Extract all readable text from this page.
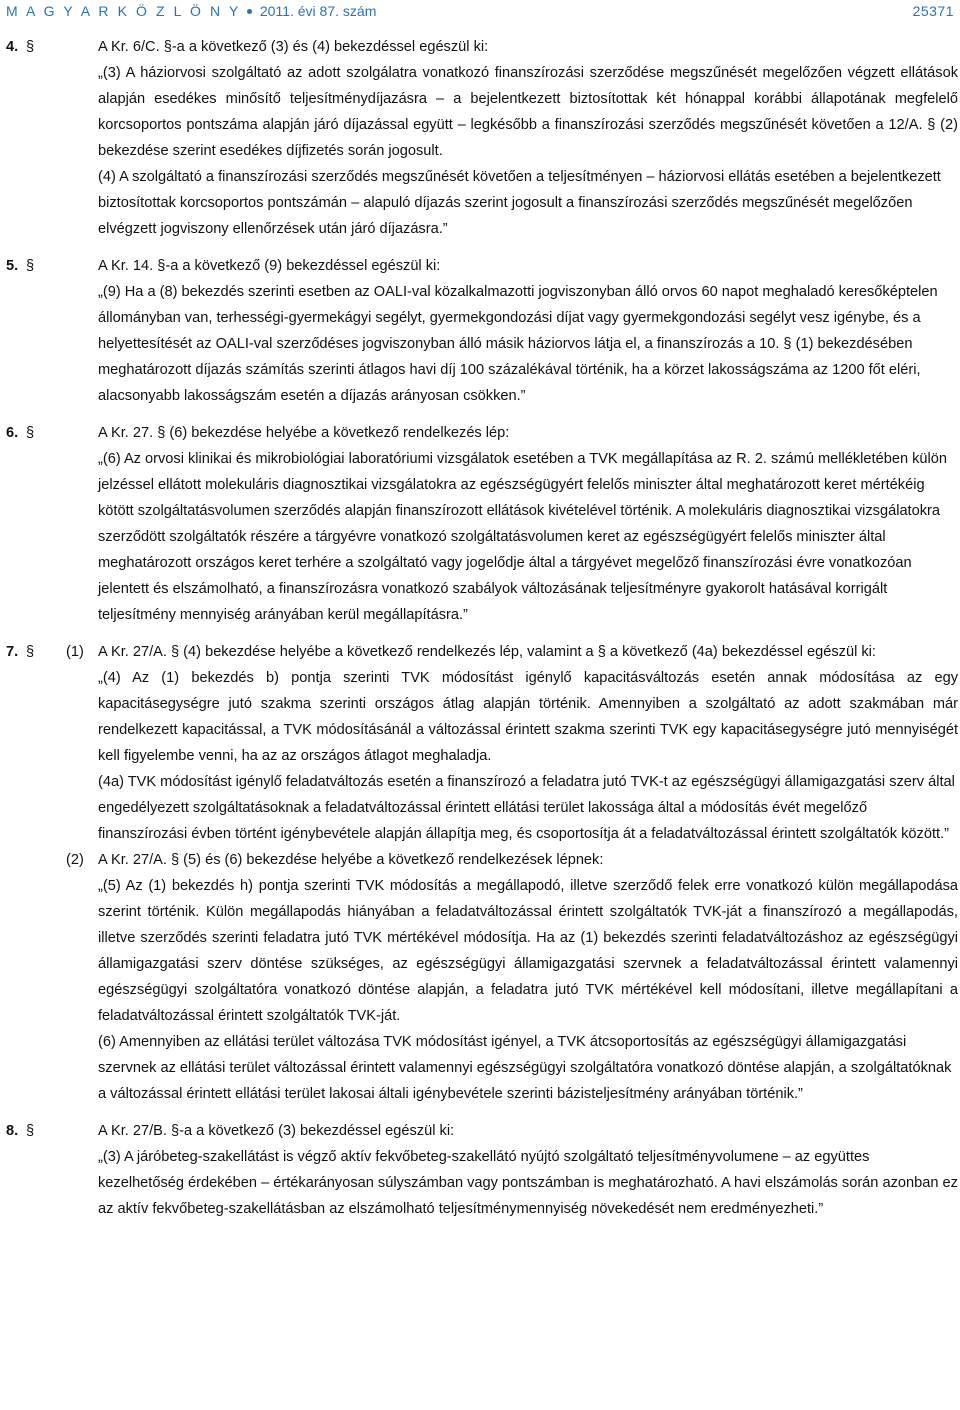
M A G Y A R K Ö Z L Ö N Y 2011. évi 87. szám	25371
4. §	A Kr. 6/C. §-a a következő (3) és (4) bekezdéssel egészül ki:

„(3) A háziorvosi szolgáltató az adott szolgálatra vonatkozó finanszírozási szerződése megszűnését megelőzően végzett ellátások alapján esedékes minősítő teljesítménydíjazásra – a bejelentkezett biztosítottak két hónappal korábbi állapotának megfelelő korcsoportos pontszáma alapján járó díjazással együtt – legkésőbb a finanszírozási szerződés megszűnését követően a 12/A. § (2) bekezdése szerint esedékes díjfizetés során jogosult.

(4) A szolgáltató a finanszírozási szerződés megszűnését követően a teljesítményen – háziorvosi ellátás esetében a bejelentkezett biztosítottak korcsoportos pontszámán – alapuló díjazás szerint jogosult a finanszírozási szerződés megszűnését megelőzően elvégzett jogviszony ellenőrzések után járó díjazásra.”

5. §	A Kr. 14. §-a a következő (9) bekezdéssel egészül ki:

„(9) Ha a (8) bekezdés szerinti esetben az OALI-val közalkalmazotti jogviszonyban álló orvos 60 napot meghaladó keresőképtelen állományban van, terhességi-gyermekágyi segélyt, gyermekgondozási díjat vagy gyermekgondozási segélyt vesz igénybe, és a helyettesítését az OALI-val szerződéses jogviszonyban álló másik háziorvos látja el, a finanszírozás a 10. § (1) bekezdésében meghatározott díjazás számítás szerinti átlagos havi díj 100 százalékával történik, ha a körzet lakosságszáma az 1200 főt eléri, alacsonyabb lakosságszám esetén a díjazás arányosan csökken.”

6. §	A Kr. 27. § (6) bekezdése helyébe a következő rendelkezés lép:

„(6) Az orvosi klinikai és mikrobiológiai laboratóriumi vizsgálatok esetében a TVK megállapítása az R. 2. számú mellékletében külön jelzéssel ellátott molekuláris diagnosztikai vizsgálatokra az egészségügyért felelős miniszter által meghatározott keret mértékéig kötött szolgáltatásvolumen szerződés alapján finanszírozott ellátások kivételével történik. A molekuláris diagnosztikai vizsgálatokra szerződött szolgáltatók részére a tárgyévre vonatkozó szolgáltatásvolumen keret az egészségügyért felelős miniszter által meghatározott országos keret terhére a szolgáltató vagy jogelődje által a tárgyévet megelőző finanszírozási évre vonatkozóan jelentett és elszámolható, a finanszírozásra vonatkozó szabályok változásának teljesítményre gyakorolt hatásával korrigált teljesítmény mennyiség arányában kerül megállapításra.”

7. § (1) A Kr. 27/A. § (4) bekezdése helyébe a következő rendelkezés lép, valamint a § a következő (4a) bekezdéssel egészül ki:

„(4) Az (1) bekezdés b) pontja szerinti TVK módosítást igénylő kapacitásváltozás esetén annak módosítása az egy kapacitásegységre jutó szakma szerinti országos átlag alapján történik. Amennyiben a szolgáltató az adott szakmában már rendelkezett kapacitással, a TVK módosításánál a változással érintett szakma szerinti TVK egy kapacitásegységre jutó mennyiségét kell figyelembe venni, ha az az országos átlagot meghaladja.

(4a) TVK módosítást igénylő feladatváltozás esetén a finanszírozó a feladatra jutó TVK-t az egészségügyi államigazgatási szerv által engedélyezett szolgáltatásoknak a feladatváltozással érintett ellátási terület lakossága által a módosítás évét megelőző finanszírozási évben történt igénybevétele alapján állapítja meg, és csoportosítja át a feladatváltozással érintett szolgáltatók között.”

(2) A Kr. 27/A. § (5) és (6) bekezdése helyébe a következő rendelkezések lépnek:

„(5) Az (1) bekezdés h) pontja szerinti TVK módosítás a megállapodó, illetve szerződő felek erre vonatkozó külön megállapodása szerint történik. Külön megállapodás hiányában a feladatváltozással érintett szolgáltatók TVK-ját a finanszírozó a megállapodás, illetve szerződés szerinti feladatra jutó TVK mértékével módosítja. Ha az (1) bekezdés szerinti feladatváltozáshoz az egészségügyi államigazgatási szerv döntése szükséges, az egészségügyi államigazgatási szervnek a feladatváltozással érintett valamennyi egészségügyi szolgáltatóra vonatkozó döntése alapján, a feladatra jutó TVK mértékével kell módosítani, illetve megállapítani a feladatváltozással érintett szolgáltatók TVK-ját.

(6) Amennyiben az ellátási terület változása TVK módosítást igényel, a TVK átcsoportosítás az egészségügyi államigazgatási szervnek az ellátási terület változással érintett valamennyi egészségügyi szolgáltatóra vonatkozó döntése alapján, a szolgáltatóknak a változással érintett ellátási terület lakosai általi igénybevétele szerinti bázisteljesítmény arányában történik.”

8. §	A Kr. 27/B. §-a a következő (3) bekezdéssel egészül ki:

„(3) A járóbeteg-szakellátást is végző aktív fekvőbeteg-szakellátó nyújtó szolgáltató teljesítményvolumene – az együttes kezelhetőség érdekében – értékarányosan súlyszámban vagy pontszámban is meghatározható. A havi elszámolás során azonban ez az aktív fekvőbeteg-szakellátásban az elszámolható teljesítménymennyiség növekedését nem eredményezheti.”
